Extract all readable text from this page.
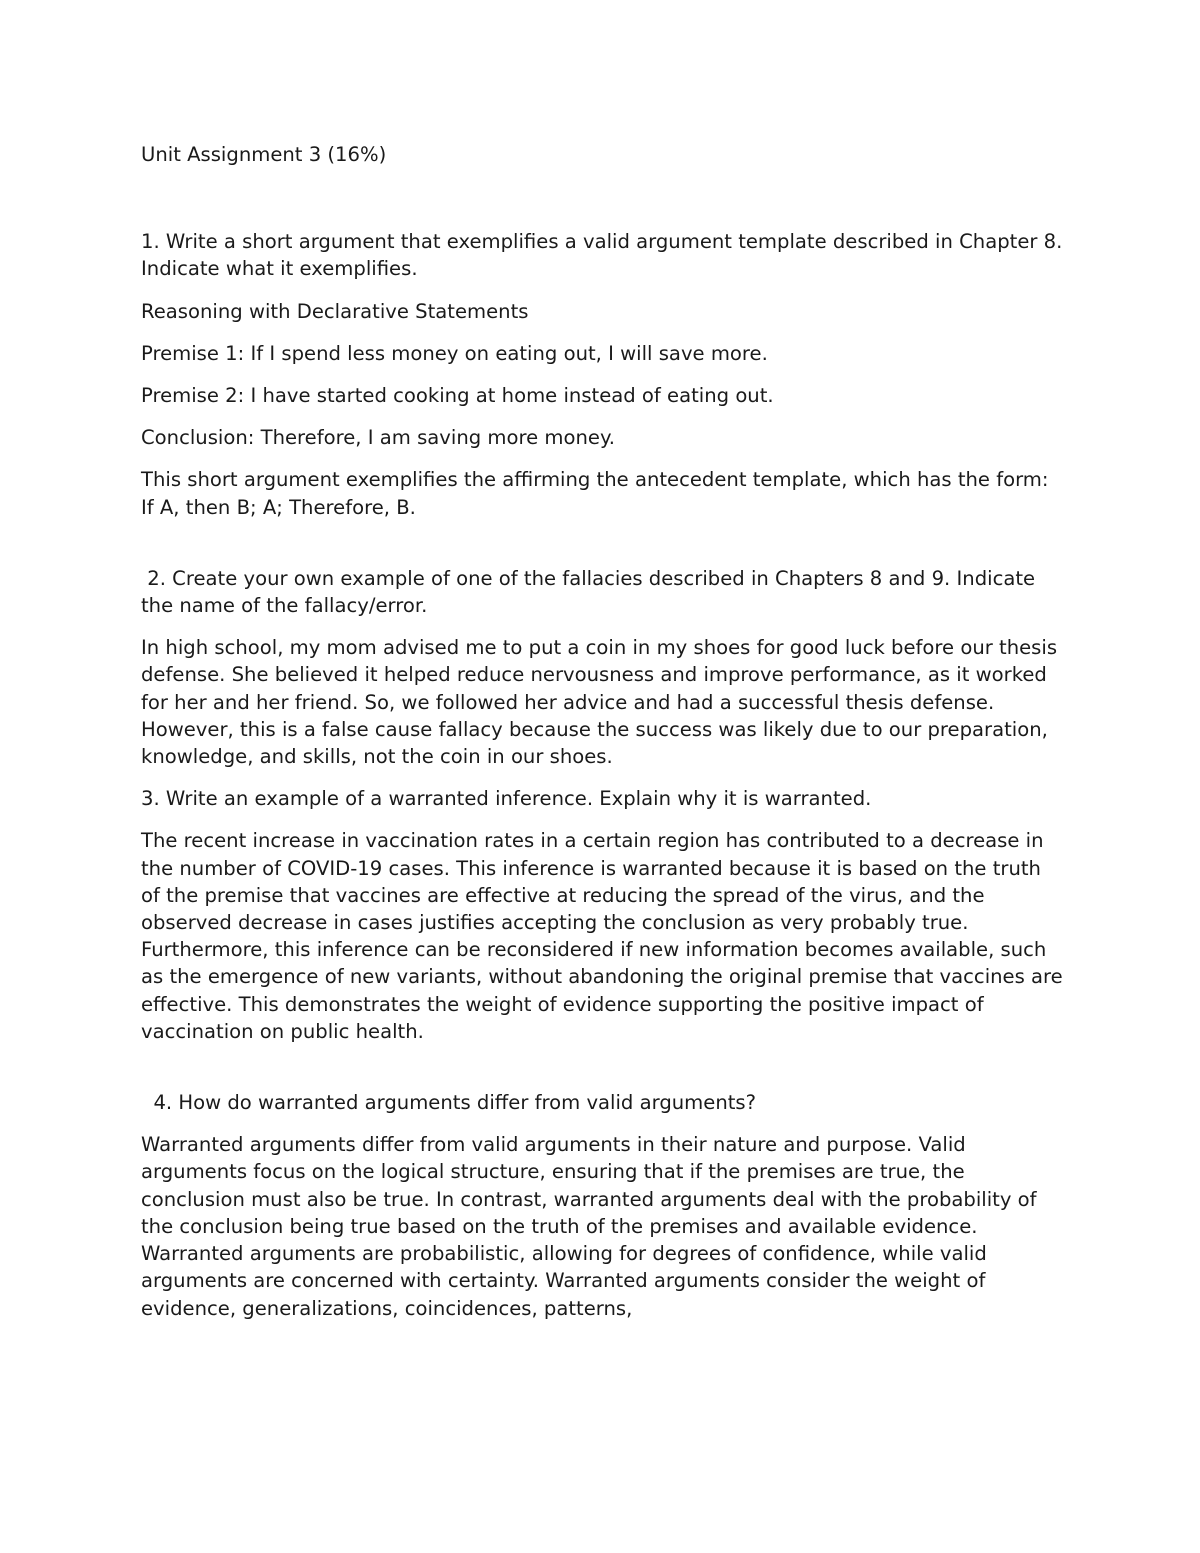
Unit Assignment 3 (16%)

1. Write a short argument that exemplifies a valid argument template described in Chapter 8. Indicate what it exemplifies.

Reasoning with Declarative Statements

Premise 1: If I spend less money on eating out, I will save more.

Premise 2: I have started cooking at home instead of eating out.

Conclusion: Therefore, I am saving more money.

This short argument exemplifies the affirming the antecedent template, which has the form: If A, then B; A; Therefore, B.

2. Create your own example of one of the fallacies described in Chapters 8 and 9. Indicate the name of the fallacy/error.

In high school, my mom advised me to put a coin in my shoes for good luck before our thesis defense. She believed it helped reduce nervousness and improve performance, as it worked for her and her friend. So, we followed her advice and had a successful thesis defense. However, this is a false cause fallacy because the success was likely due to our preparation, knowledge, and skills, not the coin in our shoes.

3. Write an example of a warranted inference. Explain why it is warranted.

The recent increase in vaccination rates in a certain region has contributed to a decrease in the number of COVID-19 cases. This inference is warranted because it is based on the truth of the premise that vaccines are effective at reducing the spread of the virus, and the observed decrease in cases justifies accepting the conclusion as very probably true. Furthermore, this inference can be reconsidered if new information becomes available, such as the emergence of new variants, without abandoning the original premise that vaccines are effective. This demonstrates the weight of evidence supporting the positive impact of vaccination on public health.

4. How do warranted arguments differ from valid arguments?

Warranted arguments differ from valid arguments in their nature and purpose. Valid arguments focus on the logical structure, ensuring that if the premises are true, the conclusion must also be true. In contrast, warranted arguments deal with the probability of the conclusion being true based on the truth of the premises and available evidence. Warranted arguments are probabilistic, allowing for degrees of confidence, while valid arguments are concerned with certainty. Warranted arguments consider the weight of evidence, generalizations, coincidences, patterns,
